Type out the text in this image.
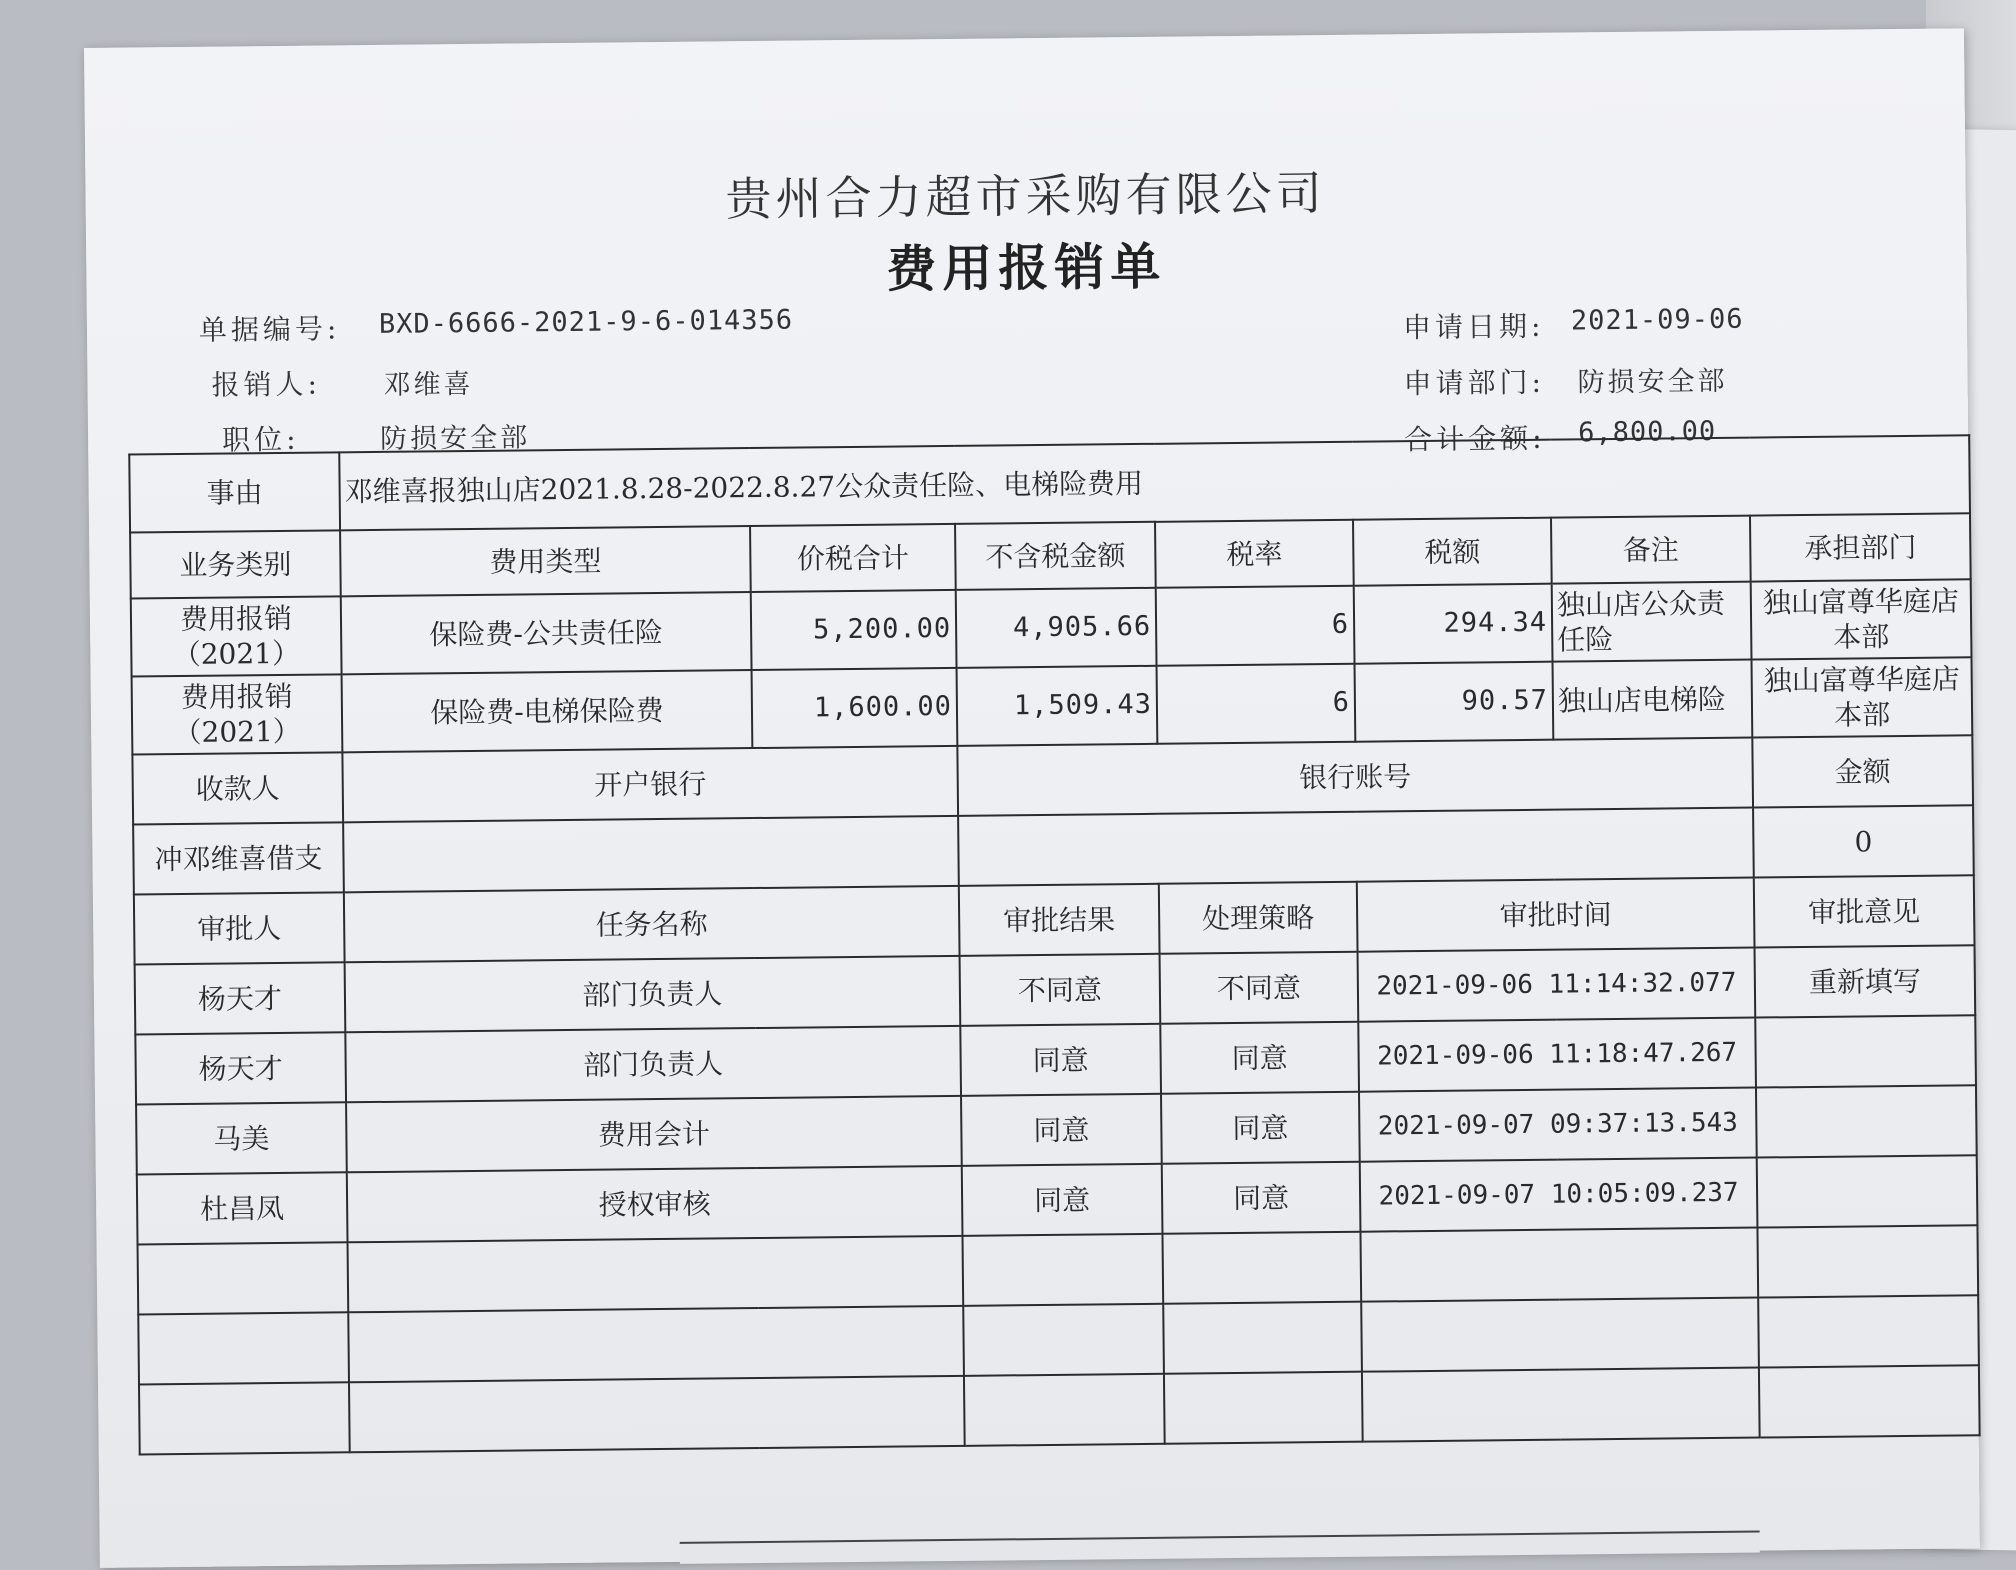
贵州合力超市采购有限公司
费用报销单
单据编号: BXD-6666-2021-9-6-014356
报销人: 邓维喜
职位:	防损安全部
申请日期: 2021-09-06
申请部门: 防损安全部
合计金额: 6,800.00
事由	邓维喜报独山店2021.8.28-2022.8.27公众责任险、电梯险费用						
业务类别	费用类型	价税合计	不含税金额	税率	税额	备注	承担部门
费用报销（2021）	保险费-公共责任险	5,200.00	4,905.66	6	294.34	独山店公众责任险	独山富尊华庭店本部
费用报销（2021）	保险费-电梯保险费	1,600.00	1,509.43	6	90.57	独山店电梯险	独山富尊华庭店本部
收款人	开户银行		银行账号				金额
冲邓维喜借支							0
审批人	任务名称		审批结果	处理策略	审批时间		审批意见
杨天才	部门负责人		不同意	不同意	2021-09-06 11:14:32.077		重新填写
杨天才	部门负责人		同意	同意	2021-09-06 11:18:47.267		
马美	费用会计		同意	同意	2021-09-07 09:37:13.543		
杜昌凤	授权审核		同意	同意	2021-09-07 10:05:09.237		
